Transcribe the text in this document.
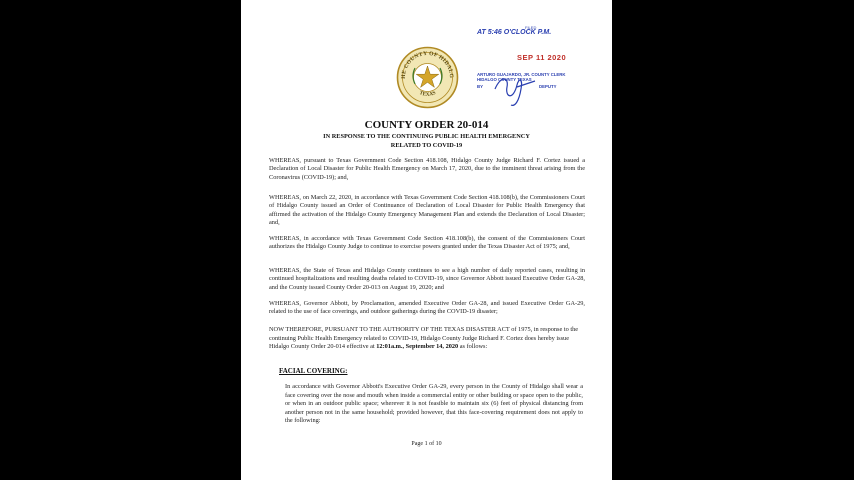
HE COUNTY OF HIDALG
TEXAS
AT 5:46 O'CLOCK P.M.
FILED
SEP 11 2020
ARTURO GUAJARDO, JR. COUNTY CLERK
HIDALGO COUNTY TEXAS
BY	DEPUTY
COUNTY ORDER 20-014
IN RESPONSE TO THE CONTINUING PUBLIC HEALTH EMERGENCY
RELATED TO COVID-19
WHEREAS, pursuant to Texas Government Code Section 418.108, Hidalgo County Judge Richard F. Cortez issued a Declaration of Local Disaster for Public Health Emergency on March 17, 2020, due to the imminent threat arising from the Coronavirus (COVID-19); and,
WHEREAS, on March 22, 2020, in accordance with Texas Government Code Section 418.108(b), the Commissioners Court of Hidalgo County issued an Order of Continuance of Declaration of Local Disaster for Public Health Emergency that affirmed the activation of the Hidalgo County Emergency Management Plan and extends the Declaration of Local Disaster; and,
WHEREAS, in accordance with Texas Government Code Section 418.108(b), the consent of the Commissioners Court authorizes the Hidalgo County Judge to continue to exercise powers granted under the Texas Disaster Act of 1975; and,
WHEREAS, the State of Texas and Hidalgo County continues to see a high number of daily reported cases, resulting in continued hospitalizations and resulting deaths related to COVID-19, since Governor Abbott issued Executive Order GA-28, and the County issued County Order 20-013 on August 19, 2020; and
WHEREAS, Governor Abbott, by Proclamation, amended Executive Order GA-28, and issued Executive Order GA-29, related to the use of face coverings, and outdoor gatherings during the COVID-19 disaster;
NOW THEREFORE, PURSUANT TO THE AUTHORITY OF THE TEXAS DISASTER ACT of 1975, in response to the continuing Public Health Emergency related to COVID-19, Hidalgo County Judge Richard F. Cortez does hereby issue Hidalgo County Order 20-014 effective at 12:01a.m., September 14, 2020 as follows:
FACIAL COVERING:
In accordance with Governor Abbott's Executive Order GA-29, every person in the County of Hidalgo shall wear a face covering over the nose and mouth when inside a commercial entity or other building or space open to the public, or when in an outdoor public space; wherever it is not feasible to maintain six (6) feet of physical distancing from another person not in the same household; provided however, that this face-covering requirement does not apply to the following:
Page 1 of 10
